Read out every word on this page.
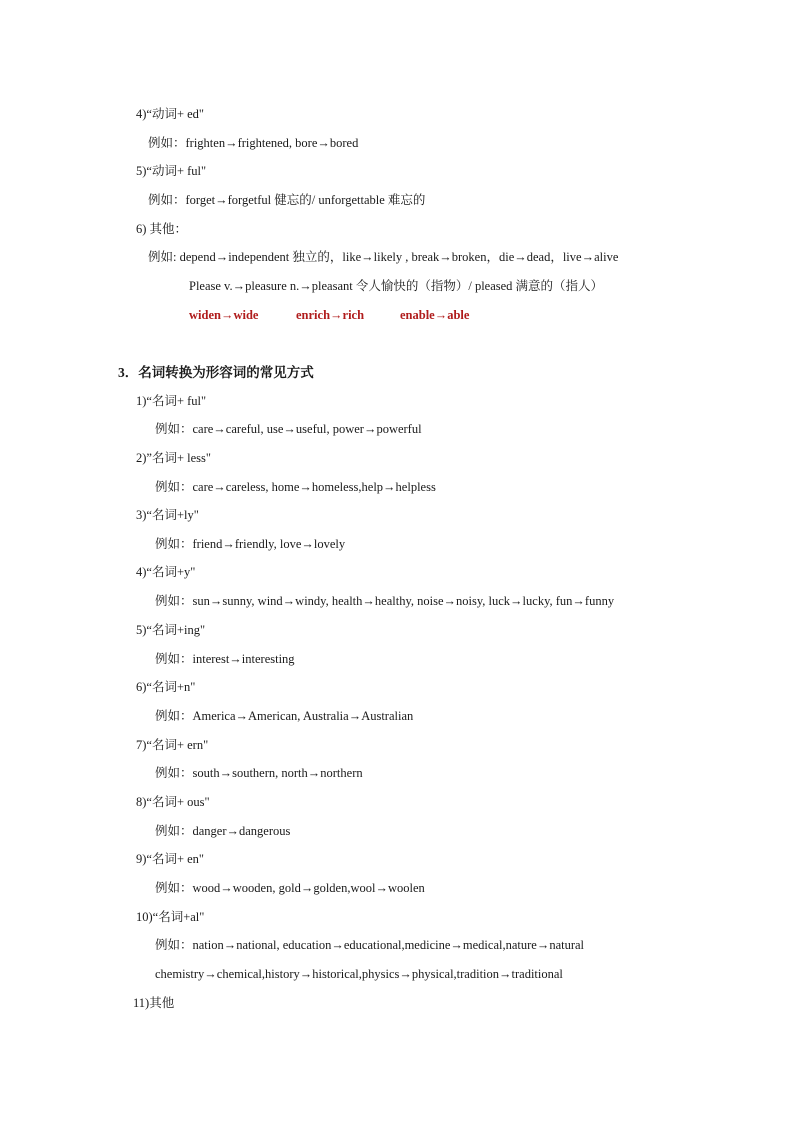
4)“动词+ ed"
例如：frighten→frightened, bore→bored
5)“动词+ ful"
例如：forget→forgetful 健忘的/ unforgettable 难忘的
6) 其他：
例如: depend→independent 独立的，like→likely , break→broken，die→dead，live→alive
Please v.→pleasure n.→pleasant 令人愉快的（指物）/ pleased 满意的（指人）
widen→wide	enrich→rich	enable→able
3．名词转换为形容词的常见方式
1)“名词+ ful"
例如：care→careful, use→useful, power→powerful
2)”名词+ less"
例如：care→careless, home→homeless,help→helpless
3)“名词+ly"
例如：friend→friendly, love→lovely
4)“名词+y"
例如：sun→sunny, wind→windy, health→healthy, noise→noisy, luck→lucky, fun→funny
5)“名词+ing"
例如：interest→interesting
6)“名词+n"
例如：America→American, Australia→Australian
7)“名词+ ern"
例如：south→southern, north→northern
8)“名词+ ous"
例如：danger→dangerous
9)“名词+ en"
例如：wood→wooden, gold→golden,wool→woolen
10)“名词+al"
例如：nation→national, education→educational,medicine→medical,nature→natural
chemistry→chemical,history→historical,physics→physical,tradition→traditional
11)其他
